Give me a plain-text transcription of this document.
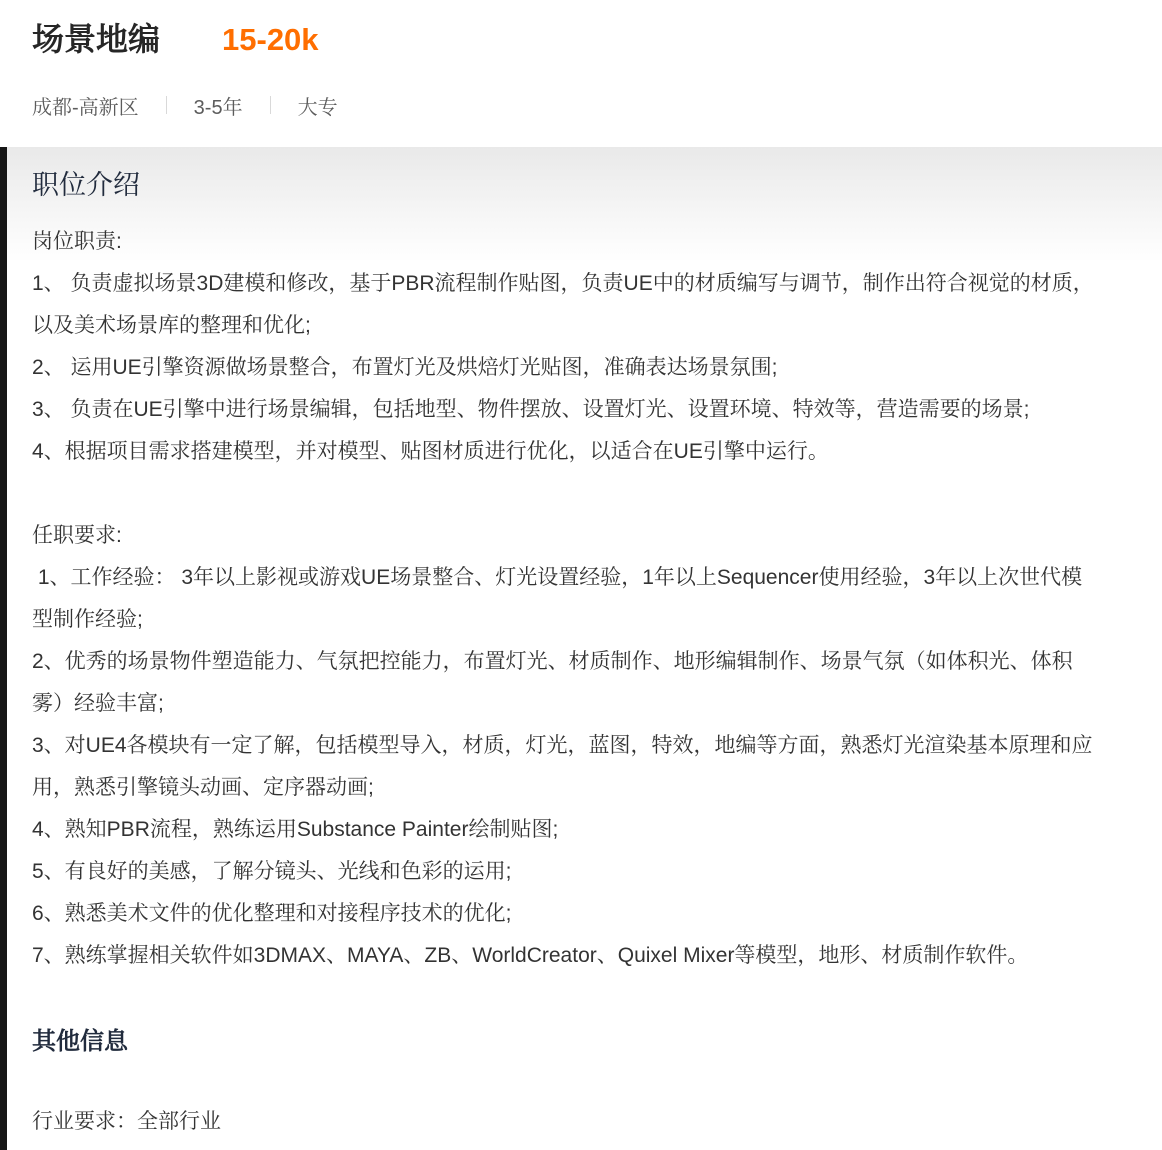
场景地编 15-20k
成都-高新区	3-5年	大专
职位介绍

岗位职责:

1、 负责虚拟场景3D建模和修改，基于PBR流程制作贴图，负责UE中的材质编写与调节，制作出符合视觉的材质，以及美术场景库的整理和优化;

2、 运用UE引擎资源做场景整合，布置灯光及烘焙灯光贴图，准确表达场景氛围;

3、 负责在UE引擎中进行场景编辑，包括地型、物件摆放、设置灯光、设置环境、特效等，营造需要的场景;

4、根据项目需求搭建模型，并对模型、贴图材质进行优化，以适合在UE引擎中运行。

任职要求:

1、工作经验： 3年以上影视或游戏UE场景整合、灯光设置经验，1年以上Sequencer使用经验，3年以上次世代模型制作经验;

2、优秀的场景物件塑造能力、气氛把控能力，布置灯光、材质制作、地形编辑制作、场景气氛（如体积光、体积雾）经验丰富;

3、对UE4各模块有一定了解，包括模型导入，材质，灯光，蓝图，特效，地编等方面，熟悉灯光渲染基本原理和应用，熟悉引擎镜头动画、定序器动画;

4、熟知PBR流程，熟练运用Substance Painter绘制贴图;

5、有良好的美感，了解分镜头、光线和色彩的运用;

6、熟悉美术文件的优化整理和对接程序技术的优化;

7、熟练掌握相关软件如3DMAX、MAYA、ZB、WorldCreator、Quixel Mixer等模型，地形、材质制作软件。

其他信息
行业要求：全部行业
